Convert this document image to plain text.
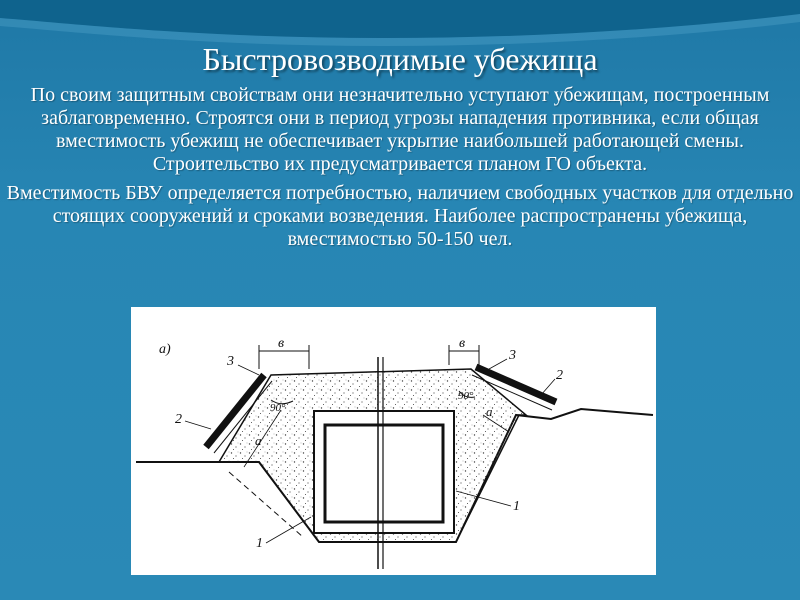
Быстровозводимые убежища

По своим защитным свойствам они незначительно уступают убежищам, построенным заблаговременно. Строятся они в период угрозы нападения противника, если общая вместимость убежищ не обеспечивает укрытие наибольшей работающей смены. Строительство их предусматривается планом ГО объекта.

Вместимость БВУ определяется потребностью, наличием свободных участков для отдельно стоящих сооружений и сроками возведения. Наиболее распространены убежища, вместимостью 50-150 чел.

а)	в	в
90°
90°
а
а
3
2
3
2
1
1
